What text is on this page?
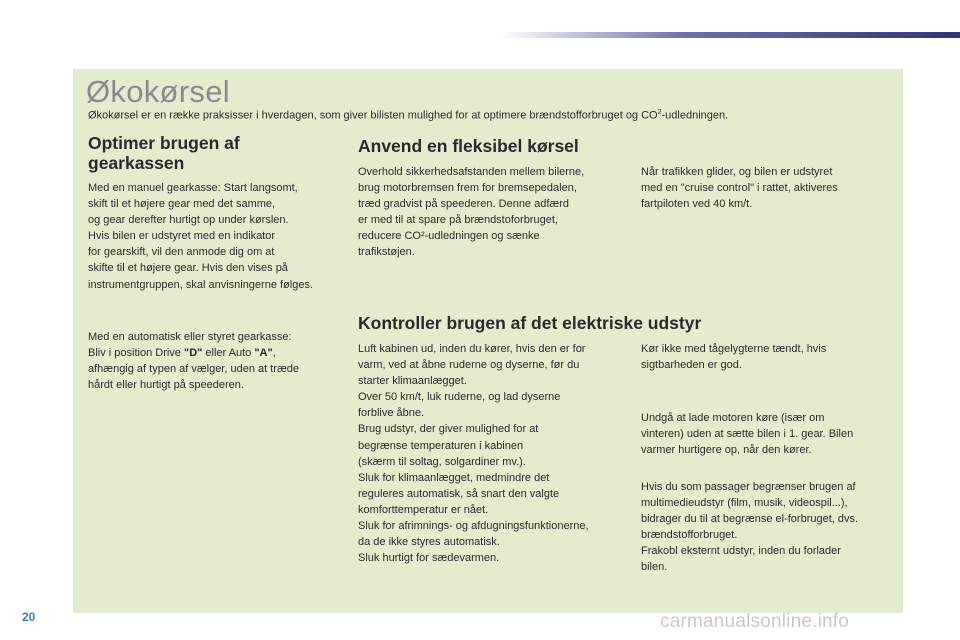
Økokørsel

Økokørsel er en række praksisser i hverdagen, som giver bilisten mulighed for at optimere brændstofforbruget og $CO^2$-udledningen.

Optimer brugen af gearkassen

Med en manuel gearkasse: Start langsomt,
skift til et højere gear med det samme,
og gear derefter hurtigt op under kørslen.
Hvis bilen er udstyret med en indikator
for gearskift, vil den anmode dig om at
skifte til et højere gear. Hvis den vises på
instrumentgruppen, skal anvisningerne følges.

Med en automatisk eller styret gearkasse:
Bliv i position Drive "D" eller Auto "A",
afhængig af typen af vælger, uden at træde
hårdt eller hurtigt på speederen.

Anvend en fleksibel kørsel

Overhold sikkerhedsafstanden mellem bilerne,
brug motorbremsen frem for bremsepedalen,
træd gradvist på speederen. Denne adfærd
er med til at spare på brændstoforbruget,
reducere CO²-udledningen og sænke
trafikstøjen.

Når trafikken glider, og bilen er udstyret
med en "cruise control" i rattet, aktiveres
fartpiloten ved 40 km/t.

Kontroller brugen af det elektriske udstyr

Luft kabinen ud, inden du kører, hvis den er for
varm, ved at åbne ruderne og dyserne, før du
starter klimaanlægget.
Over 50 km/t, luk ruderne, og lad dyserne
forblive åbne.
Brug udstyr, der giver mulighed for at
begrænse temperaturen i kabinen
(skærm til soltag, solgardiner mv.).
Sluk for klimaanlægget, medmindre det
reguleres automatisk, så snart den valgte
komforttemperatur er nået.
Sluk for afrimnings- og afdugningsfunktionerne,
da de ikke styres automatisk.
Sluk hurtigt for sædevarmen.

Kør ikke med tågelygterne tændt, hvis
sigtbarheden er god.

Undgå at lade motoren køre (især om
vinteren) uden at sætte bilen i 1. gear. Bilen
varmer hurtigere op, når den kører.

Hvis du som passager begrænser brugen af
multimedieudstyr (film, musik, videospil...),
bidrager du til at begrænse el-forbruget, dvs.
brændstofforbruget.
Frakobl eksternt udstyr, inden du forlader
bilen.

20	carmanualsonline.info
